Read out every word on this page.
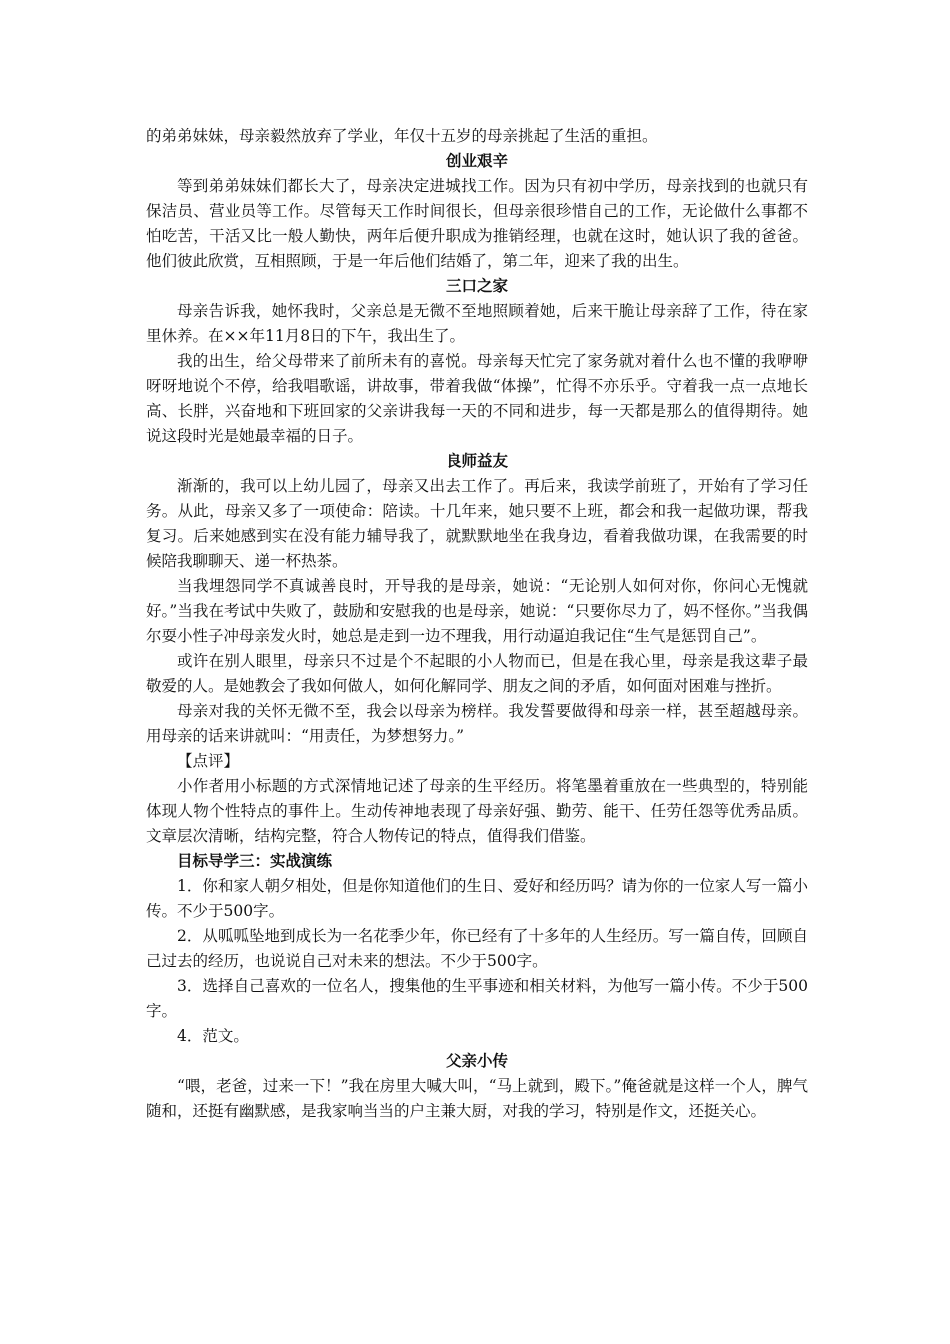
的弟弟妹妹，母亲毅然放弃了学业，年仅十五岁的母亲挑起了生活的重担。

创业艰辛

等到弟弟妹妹们都长大了，母亲决定进城找工作。因为只有初中学历，母亲找到的也就只有保洁员、营业员等工作。尽管每天工作时间很长，但母亲很珍惜自己的工作，无论做什么事都不怕吃苦，干活又比一般人勤快，两年后便升职成为推销经理，也就在这时，她认识了我的爸爸。他们彼此欣赏，互相照顾，于是一年后他们结婚了，第二年，迎来了我的出生。

三口之家

母亲告诉我，她怀我时，父亲总是无微不至地照顾着她，后来干脆让母亲辞了工作，待在家里休养。在××年11月8日的下午，我出生了。

我的出生，给父母带来了前所未有的喜悦。母亲每天忙完了家务就对着什么也不懂的我咿咿呀呀地说个不停，给我唱歌谣，讲故事，带着我做“体操”，忙得不亦乐乎。守着我一点一点地长高、长胖，兴奋地和下班回家的父亲讲我每一天的不同和进步，每一天都是那么的值得期待。她说这段时光是她最幸福的日子。

良师益友

渐渐的，我可以上幼儿园了，母亲又出去工作了。再后来，我读学前班了，开始有了学习任务。从此，母亲又多了一项使命：陪读。十几年来，她只要不上班，都会和我一起做功课，帮我复习。后来她感到实在没有能力辅导我了，就默默地坐在我身边，看着我做功课，在我需要的时候陪我聊聊天、递一杯热茶。

当我埋怨同学不真诚善良时，开导我的是母亲，她说：“无论别人如何对你，你问心无愧就好。”当我在考试中失败了，鼓励和安慰我的也是母亲，她说：“只要你尽力了，妈不怪你。”当我偶尔耍小性子冲母亲发火时，她总是走到一边不理我，用行动逼迫我记住“生气是惩罚自己”。

或许在别人眼里，母亲只不过是个不起眼的小人物而已，但是在我心里，母亲是我这辈子最敬爱的人。是她教会了我如何做人，如何化解同学、朋友之间的矛盾，如何面对困难与挫折。

母亲对我的关怀无微不至，我会以母亲为榜样。我发誓要做得和母亲一样，甚至超越母亲。用母亲的话来讲就叫：“用责任，为梦想努力。”

【点评】

小作者用小标题的方式深情地记述了母亲的生平经历。将笔墨着重放在一些典型的，特别能体现人物个性特点的事件上。生动传神地表现了母亲好强、勤劳、能干、任劳任怨等优秀品质。文章层次清晰，结构完整，符合人物传记的特点，值得我们借鉴。

目标导学三：实战演练

1．你和家人朝夕相处，但是你知道他们的生日、爱好和经历吗？请为你的一位家人写一篇小传。不少于500字。

2．从呱呱坠地到成长为一名花季少年，你已经有了十多年的人生经历。写一篇自传，回顾自己过去的经历，也说说自己对未来的想法。不少于500字。

3．选择自己喜欢的一位名人，搜集他的生平事迹和相关材料，为他写一篇小传。不少于500字。

4．范文。

父亲小传

“喂，老爸，过来一下！”我在房里大喊大叫，“马上就到，殿下。”俺爸就是这样一个人，脾气随和，还挺有幽默感，是我家响当当的户主兼大厨，对我的学习，特别是作文，还挺关心。
